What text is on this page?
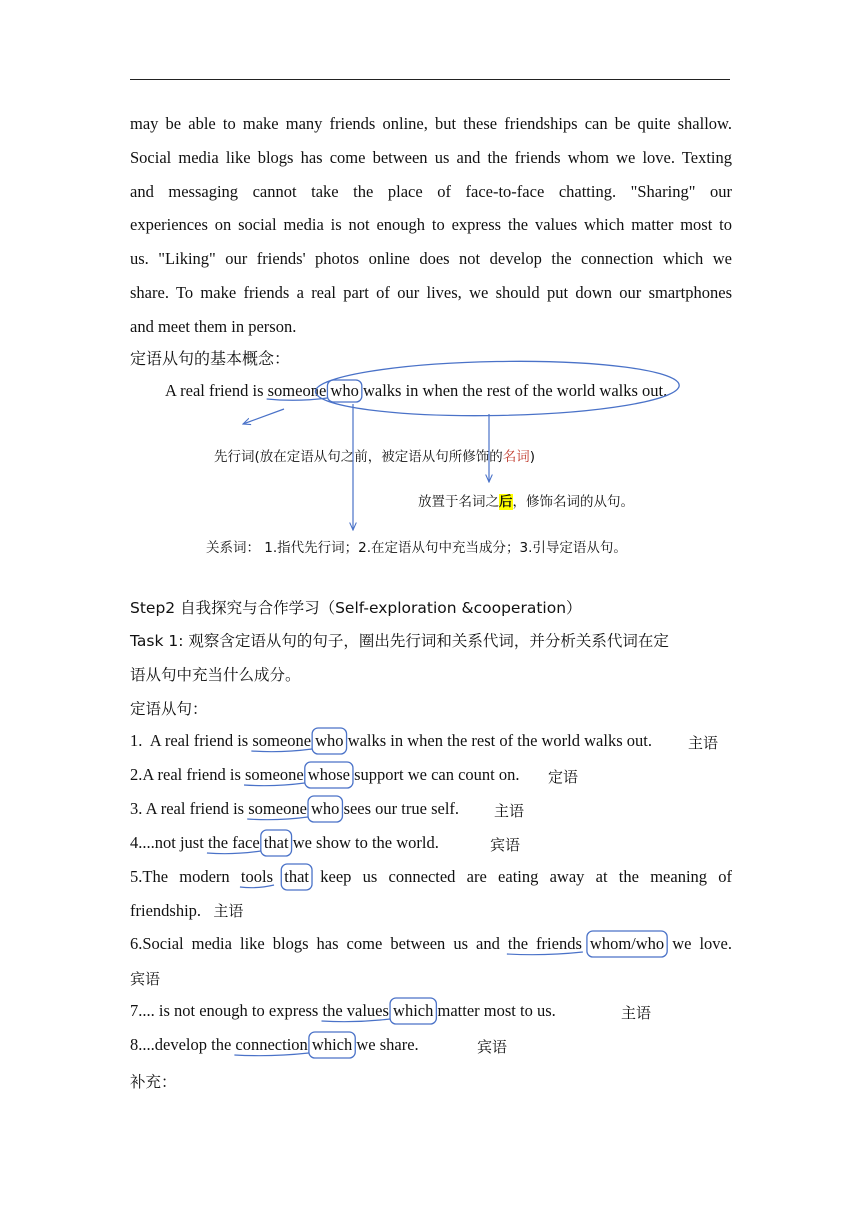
may be able to make many friends online, but these friendships can be quite shallow.
Social media like blogs has come between us and the friends whom we love. Texting
and messaging cannot take the place of face-to-face chatting. "Sharing" our
experiences on social media is not enough to express the values which matter most to
us. "Liking" our friends' photos online does not develop the connection which we
share. To make friends a real part of our lives, we should put down our smartphones
and meet them in person.

定语从句的基本概念：
A real friend is someone who walks in when the rest of the world walks out.
先行词(放在定语从句之前，被定语从句所修饰的名词)
放置于名词之后，修饰名词的从句。
关系词： 1.指代先行词；2.在定语从句中充当成分；3.引导定语从句。
Step2 自我探究与合作学习（Self-exploration &cooperation）
Task 1: 观察含定语从句的句子，圈出先行词和关系代词，并分析关系代词在定
语从句中充当什么成分。
定语从句：
1.  A real friend is someone who walks in when the rest of the world walks out. 主语
2.A real friend is someone whose support we can count on. 定语
3. A real friend is someone who sees our true self. 主语
4....not just the face that we show to the world.	宾语
5.The  modern  tools that  keep  us  connected  are  eating  away  at  the  meaning  of
friendship. 主语
6.Social media like blogs has come between us and the friends whom/who we love.
宾语
7.... is not enough to express the values which matter most to us.	主语
8....develop the connection which we share.	宾语
补充：
